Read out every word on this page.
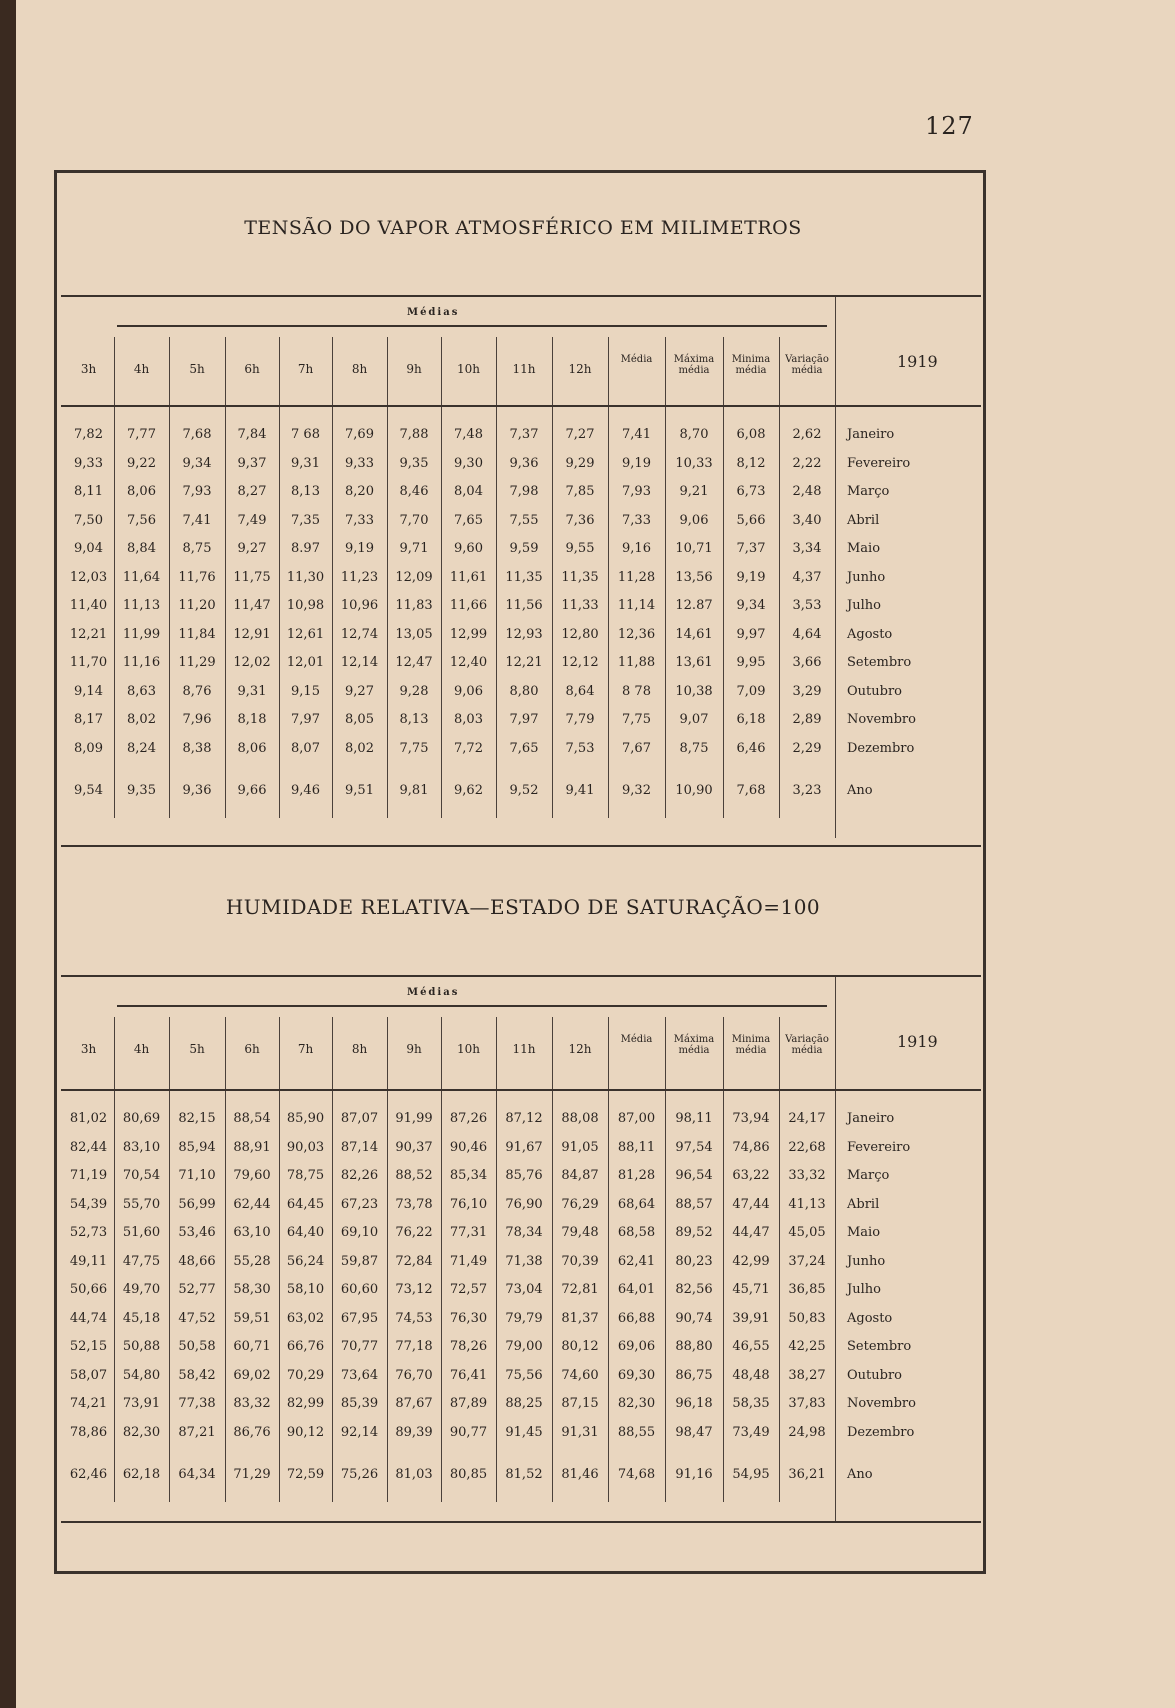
127
TENSÃO DO VAPOR ATMOSFÉRICO EM MILIMETROS
Médias
1919
3h	4h	5h	6h	7h	8h	9h	10h	11h	12h
Média	Máxima média
Minima média
Variação média
7,82	7,77	7,68	7,84	7 68	7,69	7,88	7,48	7,37	7,27	7,41	8,70	6,08	2,62	Janeiro
9,33	9,22	9,34	9,37	9,31	9,33	9,35	9,30	9,36	9,29	9,19	10,33	8,12	2,22	Fevereiro
8,11	8,06	7,93	8,27	8,13	8,20	8,46	8,04	7,98	7,85	7,93	9,21	6,73	2,48	Março
7,50	7,56	7,41	7,49	7,35	7,33	7,70	7,65	7,55	7,36	7,33	9,06	5,66	3,40	Abril
9,04	8,84	8,75	9,27	8.97	9,19	9,71	9,60	9,59	9,55	9,16	10,71	7,37	3,34	Maio
12,03	11,64	11,76	11,75	11,30	11,23	12,09	11,61	11,35	11,35	11,28	13,56	9,19	4,37	Junho
11,40	11,13	11,20	11,47	10,98	10,96	11,83	11,66	11,56	11,33	11,14	12.87	9,34	3,53	Julho
12,21	11,99	11,84	12,91	12,61	12,74	13,05	12,99	12,93	12,80	12,36	14,61	9,97	4,64	Agosto
11,70	11,16	11,29	12,02	12,01	12,14	12,47	12,40	12,21	12,12	11,88	13,61	9,95	3,66	Setembro
9,14	8,63	8,76	9,31	9,15	9,27	9,28	9,06	8,80	8,64	8 78	10,38	7,09	3,29	Outubro
8,17	8,02	7,96	8,18	7,97	8,05	8,13	8,03	7,97	7,79	7,75	9,07	6,18	2,89	Novembro
8,09	8,24	8,38	8,06	8,07	8,02	7,75	7,72	7,65	7,53	7,67	8,75	6,46	2,29	Dezembro
9,54	9,35	9,36	9,66	9,46	9,51	9,81	9,62	9,52	9,41	9,32	10,90	7,68	3,23	Ano
HUMIDADE RELATIVA—ESTADO DE SATURAÇÃO=100
Médias
1919
3h	4h	5h	6h	7h	8h	9h	10h	11h	12h
Média	Máxima média
Minima média
Variação média
81,02	80,69	82,15	88,54	85,90	87,07	91,99	87,26	87,12	88,08	87,00	98,11	73,94	24,17	Janeiro
82,44	83,10	85,94	88,91	90,03	87,14	90,37	90,46	91,67	91,05	88,11	97,54	74,86	22,68	Fevereiro
71,19	70,54	71,10	79,60	78,75	82,26	88,52	85,34	85,76	84,87	81,28	96,54	63,22	33,32	Março
54,39	55,70	56,99	62,44	64,45	67,23	73,78	76,10	76,90	76,29	68,64	88,57	47,44	41,13	Abril
52,73	51,60	53,46	63,10	64,40	69,10	76,22	77,31	78,34	79,48	68,58	89,52	44,47	45,05	Maio
49,11	47,75	48,66	55,28	56,24	59,87	72,84	71,49	71,38	70,39	62,41	80,23	42,99	37,24	Junho
50,66	49,70	52,77	58,30	58,10	60,60	73,12	72,57	73,04	72,81	64,01	82,56	45,71	36,85	Julho
44,74	45,18	47,52	59,51	63,02	67,95	74,53	76,30	79,79	81,37	66,88	90,74	39,91	50,83	Agosto
52,15	50,88	50,58	60,71	66,76	70,77	77,18	78,26	79,00	80,12	69,06	88,80	46,55	42,25	Setembro
58,07	54,80	58,42	69,02	70,29	73,64	76,70	76,41	75,56	74,60	69,30	86,75	48,48	38,27	Outubro
74,21	73,91	77,38	83,32	82,99	85,39	87,67	87,89	88,25	87,15	82,30	96,18	58,35	37,83	Novembro
78,86	82,30	87,21	86,76	90,12	92,14	89,39	90,77	91,45	91,31	88,55	98,47	73,49	24,98	Dezembro
62,46	62,18	64,34	71,29	72,59	75,26	81,03	80,85	81,52	81,46	74,68	91,16	54,95	36,21	Ano
